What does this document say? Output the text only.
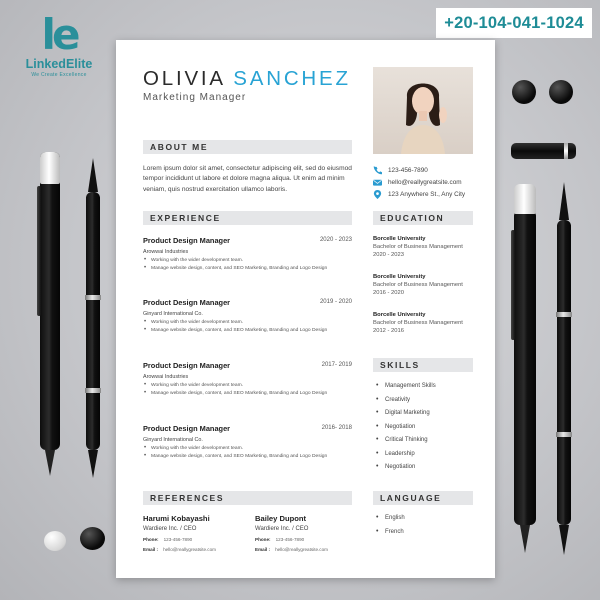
le
LinkedElite
We Create Excellence
+20-104-041-1024
OLIVIA SANCHEZ
Marketing Manager
ABOUT ME
Lorem ipsum dolor sit amet, consectetur adipiscing elit, sed do eiusmod tempor incididunt ut labore et dolore magna aliqua. Ut enim ad minim veniam, quis nostrud exercitation ullamco laboris.
123-456-7890
hello@reallygreatsite.com
123 Anywhere St., Any City
EXPERIENCE
Product Design Manager	2020 - 2023
Arowwai Industries
• Working with the wider development team.
• Manage website design, content, and SEO Marketing, Branding and Logo Design
Product Design Manager	2019 - 2020
Ginyard International Co.
• Working with the wider development team.
• Manage website design, content, and SEO Marketing, Branding and Logo Design
Product Design Manager	2017- 2019
Arowwai Industries
• Working with the wider development team.
• Manage website design, content, and SEO Marketing, Branding and Logo Design
Product Design Manager	2016- 2018
Ginyard International Co.
• Working with the wider development team.
• Manage website design, content, and SEO Marketing, Branding and Logo Design
EDUCATION
Borcelle University
Bachelor of Business Management
2020 - 2023
Borcelle University
Bachelor of Business Management
2016 - 2020
Borcelle University
Bachelor of Business Management
2012 - 2016
SKILLS
• Management Skills
• Creativity
• Digital Marketing
• Negotiation
• Critical Thinking
• Leadership
• Negotiation
REFERENCES
Harumi Kobayashi
Wardiere Inc. / CEO
Phone: 123-456-7890
Email : hello@reallygreatsite.com
Bailey Dupont
Wardiere Inc. / CEO
Phone: 123-456-7890
Email : hello@reallygreatsite.com
LANGUAGE
• English
• French
